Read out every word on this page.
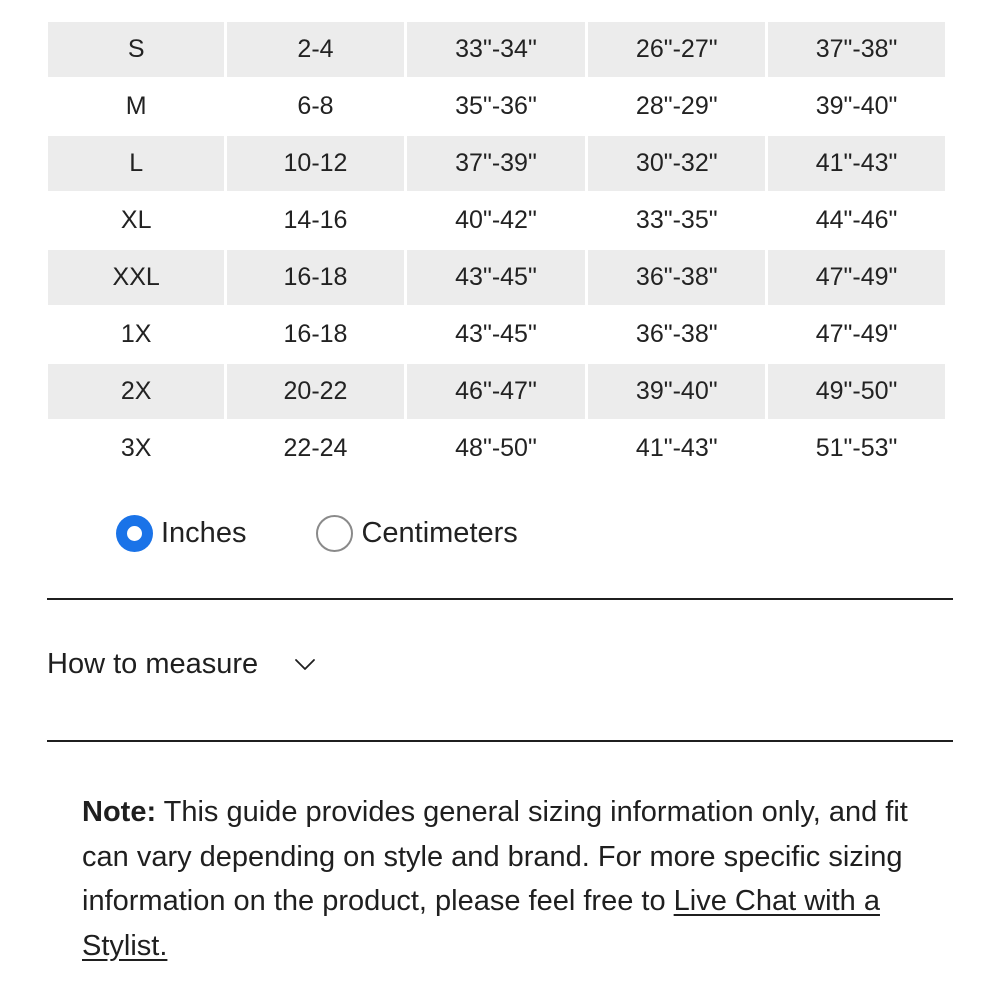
S	2-4	33"-34"	26"-27"	37"-38"
M	6-8	35"-36"	28"-29"	39"-40"
L	10-12	37"-39"	30"-32"	41"-43"
XL	14-16	40"-42"	33"-35"	44"-46"
XXL	16-18	43"-45"	36"-38"	47"-49"
1X	16-18	43"-45"	36"-38"	47"-49"
2X	20-22	46"-47"	39"-40"	49"-50"
3X	22-24	48"-50"	41"-43"	51"-53"
Inches	Centimeters
How to measure

Note: This guide provides general sizing information only, and fit can vary depending on style and brand. For more specific sizing information on the product, please feel free to Live Chat with a Stylist.
